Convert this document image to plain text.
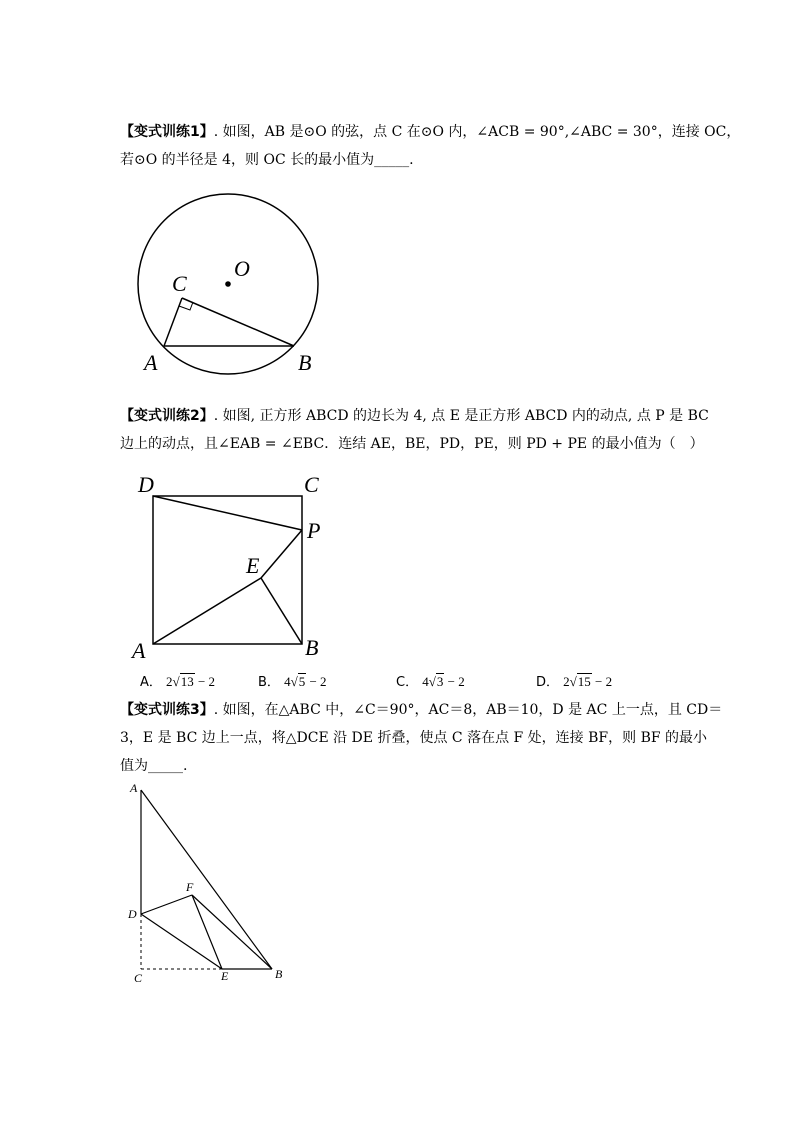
【变式训练1】. 如图，AB 是⊙O 的弦，点 C 在⊙O 内，∠ACB = 90°,∠ABC = 30°，连接 OC，
若⊙O 的半径是 4，则 OC 长的最小值为_____.
O
C
A	B
【变式训练2】. 如图, 正方形 ABCD 的边长为 4, 点 E 是正方形 ABCD 内的动点, 点 P 是 BC
边上的动点，且∠EAB = ∠EBC．连结 AE，BE，PD，PE，则 PD + PE 的最小值为（　）
D	C
P
E
A	B
A． 2√13 − 2	B． 4√5 − 2	C． 4√3 − 2	D． 2√15 − 2
【变式训练3】. 如图，在△ABC 中，∠C＝90°，AC＝8，AB＝10，D 是 AC 上一点，且 CD＝
3，E 是 BC 边上一点，将△DCE 沿 DE 折叠，使点 C 落在点 F 处，连接 BF，则 BF 的最小
值为_____.
A
F
D
C	E	B
